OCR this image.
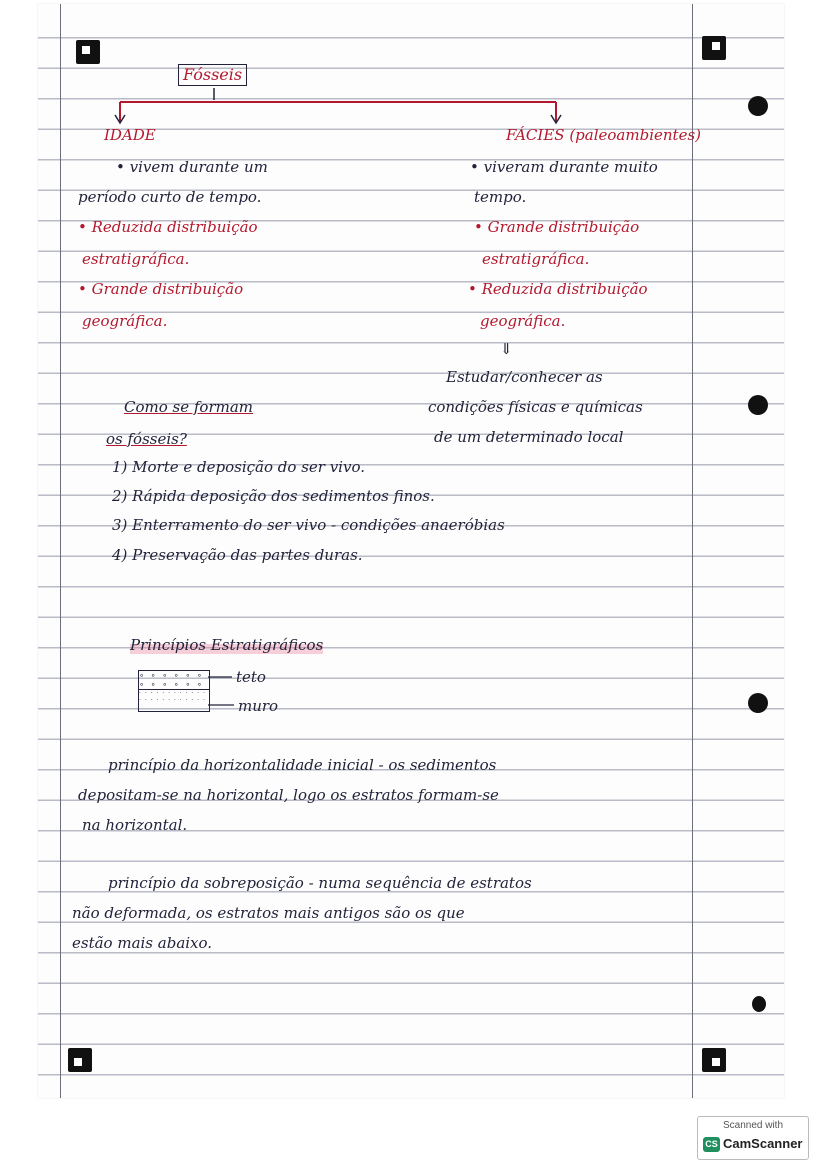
Fósseis
IDADE
• vivem durante um
período curto de tempo.
• Reduzida distribuição
estratigráfica.
• Grande distribuição
geográfica.
FÁCIES (paleoambientes)
• viveram durante muito
tempo.
• Grande distribuição
estratigráfica.
• Reduzida distribuição
geográfica.
⇓
Estudar/conhecer as
condições físicas e químicas
de um determinado local
Como se formam
os fósseis?
1) Morte e deposição do ser vivo.
2) Rápida deposição dos sedimentos finos.
3) Enterramento do ser vivo - condições anaeróbias
4) Preservação das partes duras.
Princípios Estratigráficos
∘ ∘ ∘ ∘ ∘ ∘ ∘ ∘ ∘ ∘ ∘ ∘
· · · · · · · · · · · · · · · · · · · · · · · ·
teto
muro
princípio da horizontalidade inicial - os sedimentos
depositam-se na horizontal, logo os estratos formam-se
na horizontal.
princípio da sobreposição - numa sequência de estratos
não deformada, os estratos mais antigos são os que
estão mais abaixo.
Scanned with
CS CamScanner
